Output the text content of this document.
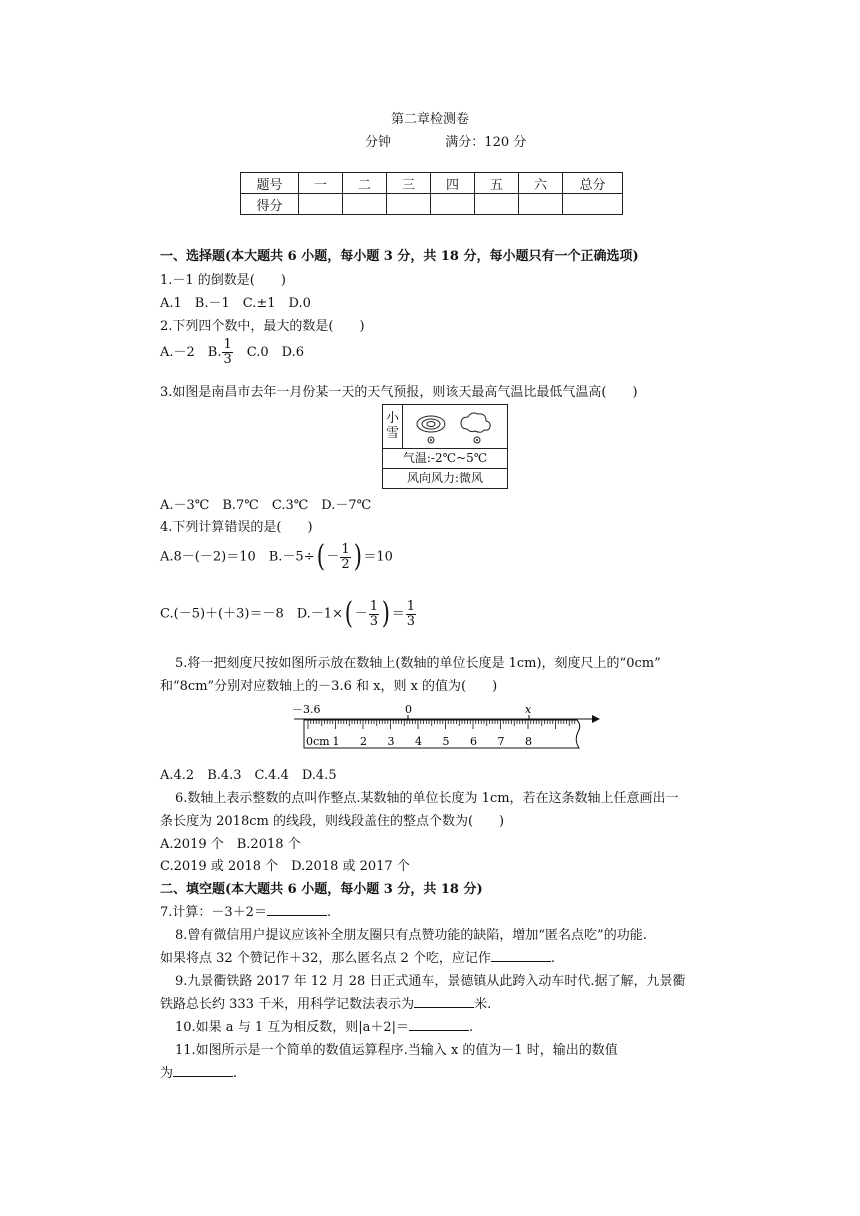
第二章检测卷
分钟	满分：120 分
题号	一	二	三	四	五	六	总分
得分							
一、选择题(本大题共 6 小题，每小题 3 分，共 18 分，每小题只有一个正确选项)
1.－1 的倒数是(　　)
A.1　B.－1　C.±1　D.0
2.下列四个数中，最大的数是(　　)
A.－2　B. $\frac{1}{3}$ 　C.0　D.6
3.如图是南昌市去年一月份某一天的天气预报，则该天最高气温比最低气温高(　　)
小
雪
气温:-2℃~5℃
风向风力:微风
A.－3℃　B.7℃　C.3℃　D.－7℃
4.下列计算错误的是(　　)
A.8－(－2)＝10　$B.-5\div( - \frac{1}{2}$ ) ＝10
C.(－5)＋(＋3)＝－8　$D.-1\times( - \frac{1}{3}$ ) ＝ $\frac{1}{3}$
5.将一把刻度尺按如图所示放在数轴上(数轴的单位长度是 1cm)，刻度尺上的“0cm”
和“8cm”分别对应数轴上的－3.6 和 x，则 x 的值为(　　)
－3.6	0	x
0cm 1 2 3 4 5 6 7 8
A.4.2　B.4.3　C.4.4　D.4.5
6.数轴上表示整数的点叫作整点.某数轴的单位长度为 1cm，若在这条数轴上任意画出一
条长度为 2018cm 的线段，则线段盖住的整点个数为(　　)
A.2019 个　B.2018 个
C.2019 或 2018 个　D.2018 或 2017 个
二、填空题(本大题共 6 小题，每小题 3 分，共 18 分)
7.计算：－3＋2＝	.
8.曾有微信用户提议应该补全朋友圈只有点赞功能的缺陷，增加“匿名点吃”的功能.
如果将点 32 个赞记作＋32，那么匿名点 2 个吃，应记作	.
9.九景衢铁路 2017 年 12 月 28 日正式通车，景德镇从此跨入动车时代.据了解，九景衢
铁路总长约 333 千米，用科学记数法表示为	米.
10.如果 a 与 1 互为相反数，则|a＋2|＝	.
11.如图所示是一个简单的数值运算程序.当输入 x 的值为－1 时，输出的数值
为	.
